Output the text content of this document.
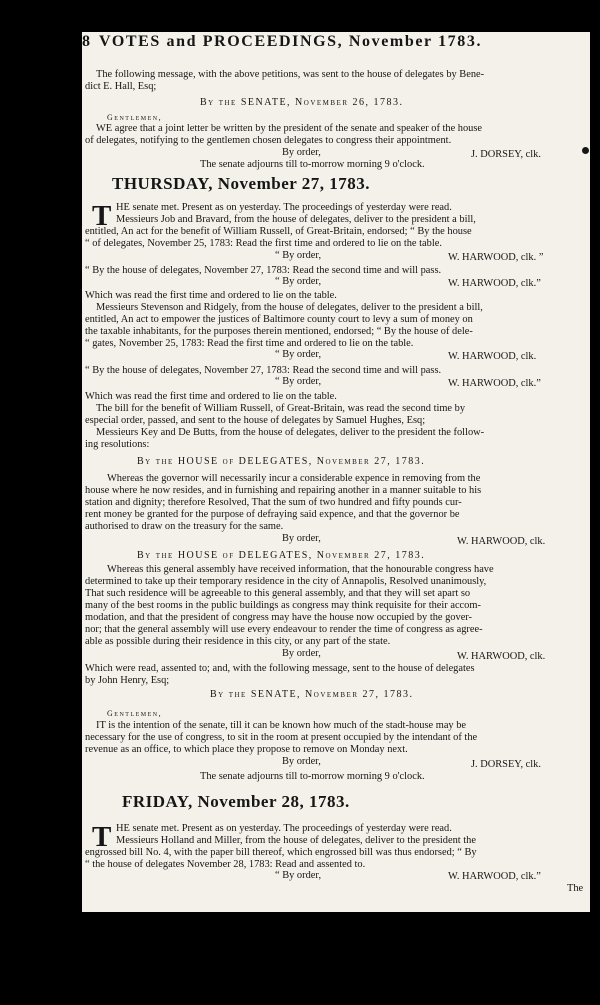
8 VOTES and PROCEEDINGS, November 1783.
The following message, with the above petitions, was sent to the house of delegates by Bene-
dict E. Hall, Esq;
By the SENATE, November 26, 1783.
Gentlemen,
WE agree that a joint letter be written by the president of the senate and speaker of the house
of delegates, notifying to the gentlemen chosen delegates to congress their appointment.
By order,	J. DORSEY, clk.
The senate adjourns till to-morrow morning 9 o'clock.
THURSDAY, November 27, 1783.
T HE senate met. Present as on yesterday. The proceedings of yesterday were read.
Messieurs Job and Bravard, from the house of delegates, deliver to the president a bill,
entitled, An act for the benefit of William Russell, of Great-Britain, endorsed; “ By the house
“ of delegates, November 25, 1783: Read the first time and ordered to lie on the table.
“ By order,	W. HARWOOD, clk. ”
“ By the house of delegates, November 27, 1783: Read the second time and will pass.
“ By order,	W. HARWOOD, clk.”
Which was read the first time and ordered to lie on the table.
Messieurs Stevenson and Ridgely, from the house of delegates, deliver to the president a bill,
entitled, An act to empower the justices of Baltimore county court to levy a sum of money on
the taxable inhabitants, for the purposes therein mentioned, endorsed; “ By the house of dele-
“ gates, November 25, 1783: Read the first time and ordered to lie on the table.
“ By order,	W. HARWOOD, clk.
“ By the house of delegates, November 27, 1783: Read the second time and will pass.
“ By order,	W. HARWOOD, clk.”
Which was read the first time and ordered to lie on the table.
The bill for the benefit of William Russell, of Great-Britain, was read the second time by
especial order, passed, and sent to the house of delegates by Samuel Hughes, Esq;
Messieurs Key and De Butts, from the house of delegates, deliver to the president the follow-
ing resolutions:
By the HOUSE of DELEGATES, November 27, 1783.
Whereas the governor will necessarily incur a considerable expence in removing from the
house where he now resides, and in furnishing and repairing another in a manner suitable to his
station and dignity; therefore Resolved, That the sum of two hundred and fifty pounds cur-
rent money be granted for the purpose of defraying said expence, and that the governor be
authorised to draw on the treasury for the same.
By order,	W. HARWOOD, clk.
By the HOUSE of DELEGATES, November 27, 1783.
Whereas this general assembly have received information, that the honourable congress have
determined to take up their temporary residence in the city of Annapolis, Resolved unanimously,
That such residence will be agreeable to this general assembly, and that they will set apart so
many of the best rooms in the public buildings as congress may think requisite for their accom-
modation, and that the president of congress may have the house now occupied by the gover-
nor; that the general assembly will use every endeavour to render the time of congress as agree-
able as possible during their residence in this city, or any part of the state.
By order,	W. HARWOOD, clk.
Which were read, assented to; and, with the following message, sent to the house of delegates
by John Henry, Esq;
By the SENATE, November 27, 1783.
Gentlemen,
IT is the intention of the senate, till it can be known how much of the stadt-house may be
necessary for the use of congress, to sit in the room at present occupied by the intendant of the
revenue as an office, to which place they propose to remove on Monday next.
By order,	J. DORSEY, clk.
The senate adjourns till to-morrow morning 9 o'clock.
FRIDAY, November 28, 1783.
T HE senate met. Present as on yesterday. The proceedings of yesterday were read.
Messieurs Holland and Miller, from the house of delegates, deliver to the president the
engrossed bill No. 4, with the paper bill thereof, which engrossed bill was thus endorsed; “ By
“ the house of delegates November 28, 1783: Read and assented to.
“ By order,	W. HARWOOD, clk.”
The
